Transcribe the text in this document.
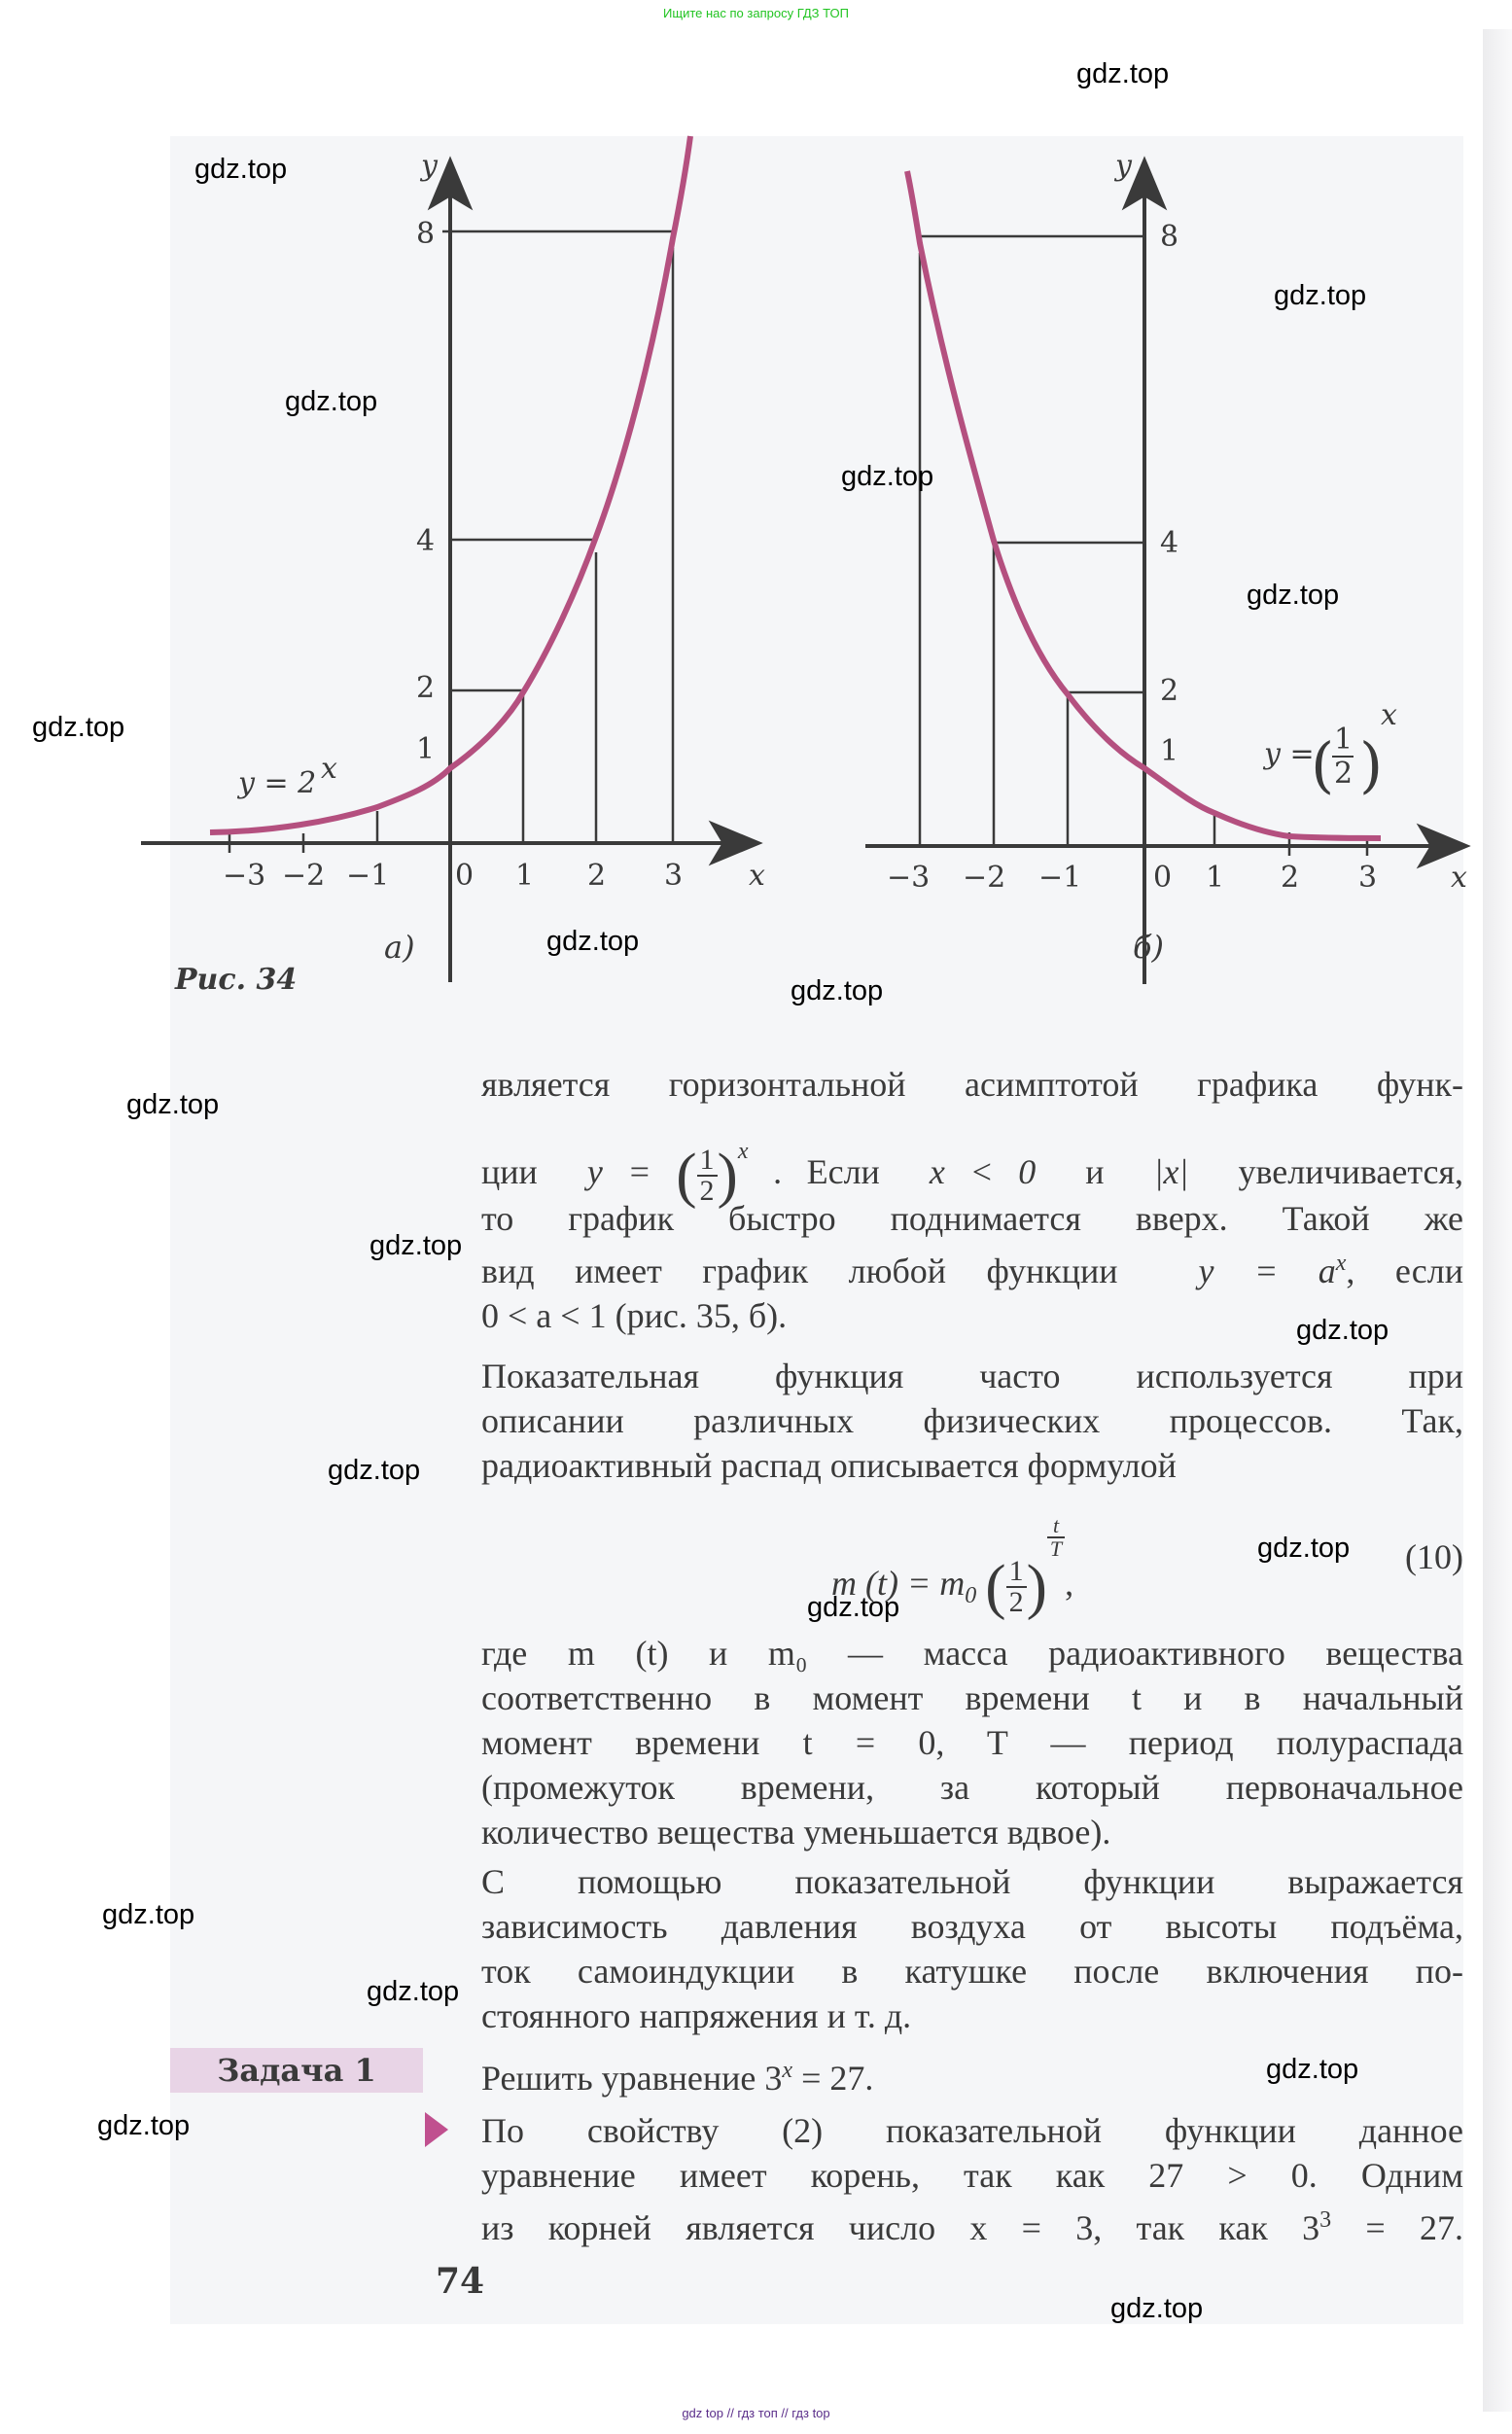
Ищите нас по запросу ГДЗ ТОП
−3 −2 −1 0 1 2 3 x
1
2
4
8
y
y = 2 x
а)
−3 −2 −1 0 1 2 3	x
1
2
4
8
y
y =
( 1
2 )
x
б)
Рис. 34
является горизонтальной асимптотой графика функ-
ции y = ( $\frac{1}{2} )^x$ . Если x < 0 и |x| увеличивается,
то график быстро поднимается вверх. Такой же
вид имеет график любой функции $y = a^x$, если
0 < a < 1 (рис. 35, б).
Показательная функция часто используется при
описании различных физических процессов. Так,
радиоактивный распад описывается формулой
m $(t) = m_0$ ( $\frac{1}{2}$ )
$\frac{t}{T}$
,
(10)
где m (t) и m₀ — масса радиоактивного вещества
соответственно в момент времени t и в начальный
момент времени t = 0, T — период полураспада
(промежуток времени, за который первоначальное
количество вещества уменьшается вдвое).
С помощью показательной функции выражается
зависимость давления воздуха от высоты подъёма,
ток самоиндукции в катушке после включения по-
стоянного напряжения и т. д.
Задача 1	Решить уравнение $3^x = 27$.
По свойству (2) показательной функции данное
уравнение имеет корень, так как 27 > 0. Одним
из корней является число x = 3, так как $3^3 = 27$.
74
gdz top // гдз топ // гдз top
gdz.top
gdz.top
gdz.top
gdz.top
gdz.top
gdz.top
gdz.top
gdz.top
gdz.top
gdz.top
gdz.top
gdz.top
gdz.top
gdz.top
gdz.top
gdz.top
gdz.top
gdz.top
gdz.top
gdz.top
